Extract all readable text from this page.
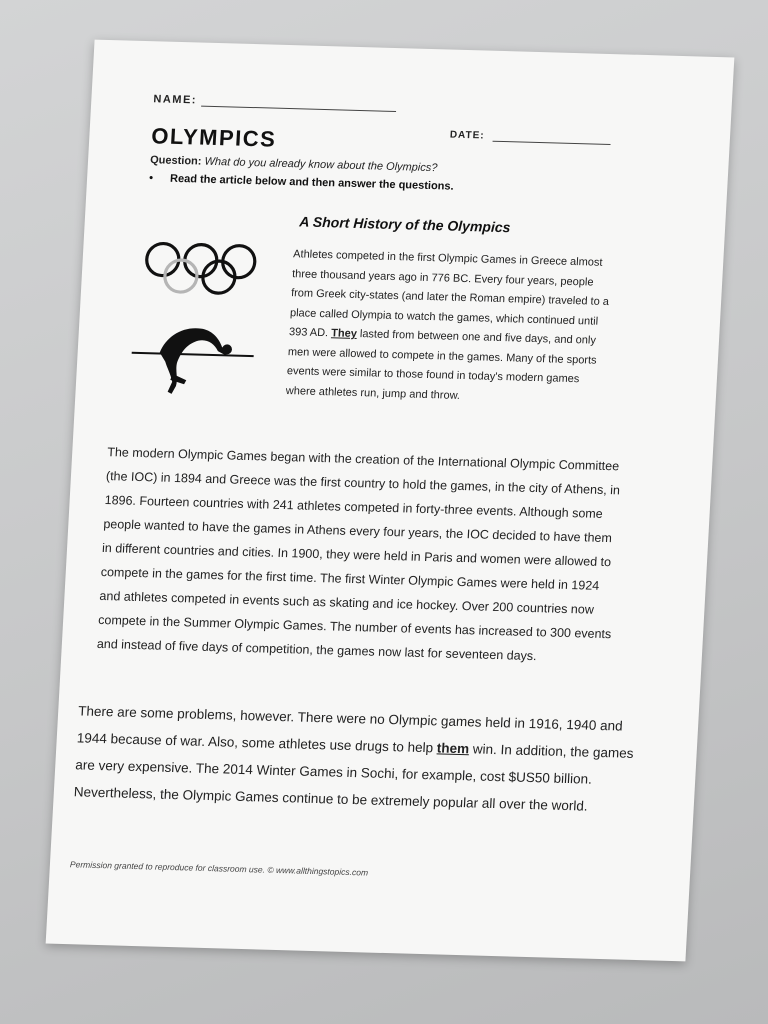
NAME:
DATE:
OLYMPICS
Question: What do you already know about the Olympics?
• Read the article below and then answer the questions.
A Short History of the Olympics
Athletes competed in the first Olympic Games in Greece almost three thousand years ago in 776 BC. Every four years, people from Greek city-states (and later the Roman empire) traveled to a place called Olympia to watch the games, which continued until 393 AD. They lasted from between one and five days, and only men were allowed to compete in the games. Many of the sports events were similar to those found in today's modern games where athletes run, jump and throw.
The modern Olympic Games began with the creation of the International Olympic Committee (the IOC) in 1894 and Greece was the first country to hold the games, in the city of Athens, in 1896. Fourteen countries with 241 athletes competed in forty-three events. Although some people wanted to have the games in Athens every four years, the IOC decided to have them in different countries and cities. In 1900, they were held in Paris and women were allowed to compete in the games for the first time. The first Winter Olympic Games were held in 1924 and athletes competed in events such as skating and ice hockey. Over 200 countries now compete in the Summer Olympic Games. The number of events has increased to 300 events and instead of five days of competition, the games now last for seventeen days.
There are some problems, however. There were no Olympic games held in 1916, 1940 and 1944 because of war. Also, some athletes use drugs to help them win. In addition, the games are very expensive. The 2014 Winter Games in Sochi, for example, cost $US50 billion. Nevertheless, the Olympic Games continue to be extremely popular all over the world.
Permission granted to reproduce for classroom use. © www.allthingstopics.com
